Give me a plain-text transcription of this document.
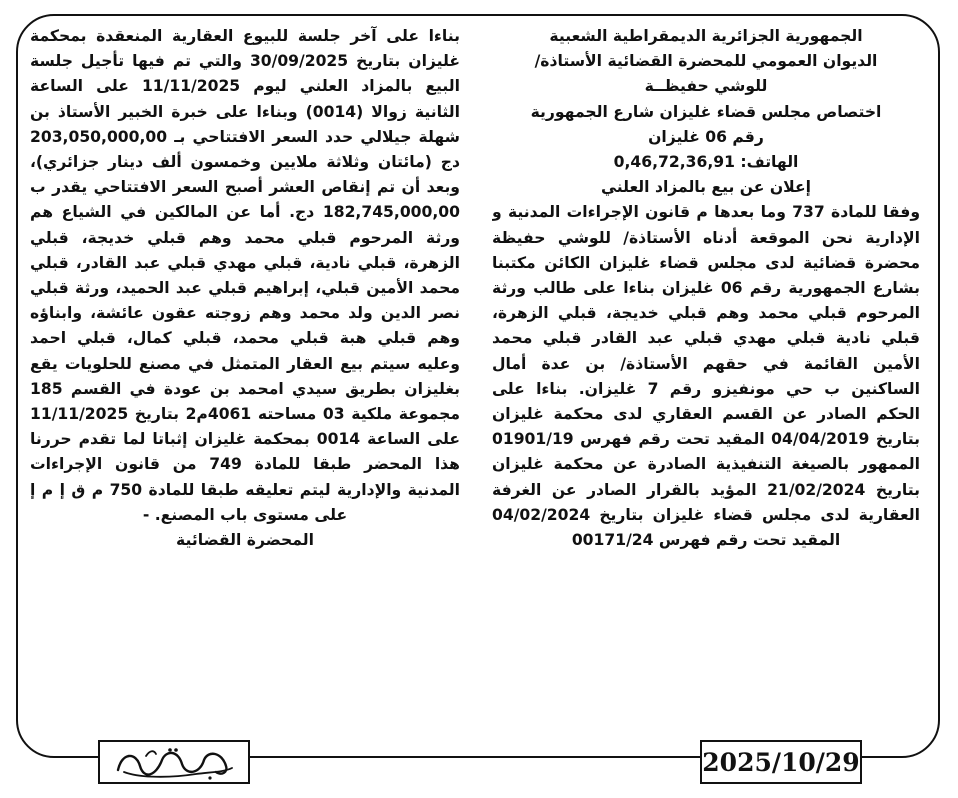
الجمهورية الجزائرية الديمقراطية الشعبية

الديوان العمومي للمحضرة القضائية الأستاذة/

للوشي حفيظــة

اختصاص مجلس قضاء غليزان شارع الجمهورية

رقم 06 غليزان

الهاتف: 0,46,72,36,91

إعلان عن بيع بالمزاد العلني

وفقا للمادة 737 وما بعدها م قانون الإجراءات المدنية و الإدارية نحن الموقعة أدناه الأستاذة/ للوشي حفيظة محضرة قضائية لدى مجلس قضاء غليزان الكائن مكتبنا بشارع الجمهورية رقم 06 غليزان بناءا على طالب ورثة المرحوم قبلي محمد وهم قبلي خديجة، قبلي الزهرة، قبلي نادية قبلي مهدي قبلي عبد القادر قبلي محمد الأمين القائمة في حقهم الأستاذة/ بن عدة أمال الساكنين ب حي مونفيزو رقم 7 غليزان. بناءا على الحكم الصادر عن القسم العقاري لدى محكمة غليزان بتاريخ 04/04/2019 المقيد تحت رقم فهرس 01901/19 الممهور بالصيغة التنفيذية الصادرة عن محكمة غليزان بتاريخ 21/02/2024 المؤيد بالقرار الصادر عن الغرفة العقارية لدى مجلس قضاء غليزان بتاريخ 04/02/2024 المقيد تحت رقم فهرس 00171/24

بناءا على آخر جلسة للبيوع العقارية المنعقدة بمحكمة غليزان بتاريخ 30/09/2025 والتي تم فيها تأجيل جلسة البيع بالمزاد العلني ليوم 11/11/2025 على الساعة الثانية زوالا (0014) وبناءا على خبرة الخبير الأستاذ بن شهلة جيلالي حدد السعر الافتتاحي بـ 203,050,000,00 دج (مائتان وثلاثة ملايين وخمسون ألف دينار جزائري)، وبعد أن تم إنقاص العشر أصبح السعر الافتتاحي يقدر ب 182,745,000,00 دج. أما عن المالكين في الشياع هم ورثة المرحوم قبلي محمد وهم قبلي خديجة، قبلي الزهرة، قبلي نادية، قبلي مهدي قبلي عبد القادر، قبلي محمد الأمين قبلي، إبراهيم قبلي عبد الحميد، ورثة قبلي نصر الدين ولد محمد وهم زوجته عقون عائشة، وابناؤه وهم قبلي هبة قبلي محمد، قبلي كمال، قبلي احمد وعليه سيتم بيع العقار المتمثل في مصنع للحلويات يقع بغليزان بطريق سيدي امحمد بن عودة في القسم 185 مجموعة ملكية 03 مساحته 4061م2 بتاريخ 11/11/2025 على الساعة 0014 بمحكمة غليزان إثباتا لما تقدم حررنا هذا المحضر طبقا للمادة 749 من قانون الإجراءات المدنية والإدارية ليتم تعليقه طبقا للمادة 750 م ق إ م إ على مستوى باب المصنع. -

المحضرة القضائية

2025/10/29
